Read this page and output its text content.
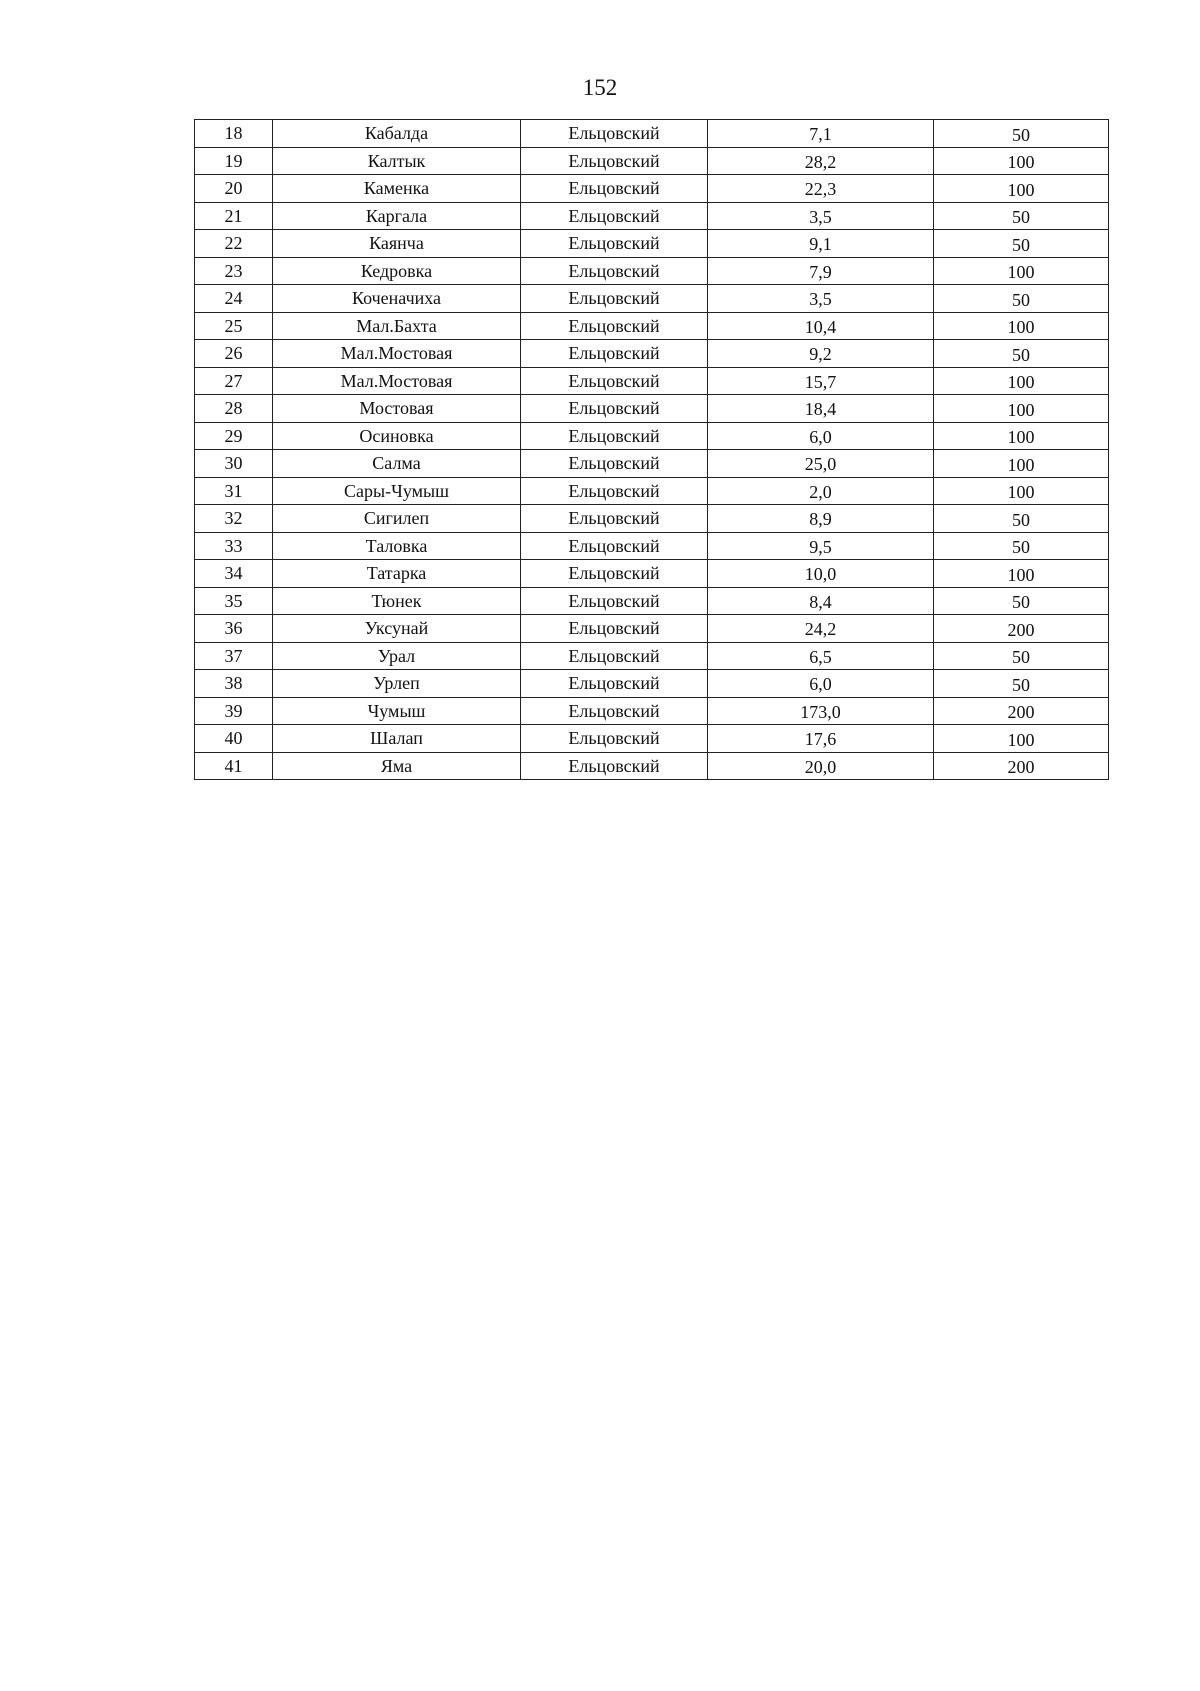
152
18	Кабалда	Ельцовский	7,1	50
19	Калтык	Ельцовский	28,2	100
20	Каменка	Ельцовский	22,3	100
21	Каргала	Ельцовский	3,5	50
22	Каянча	Ельцовский	9,1	50
23	Кедровка	Ельцовский	7,9	100
24	Коченачиха	Ельцовский	3,5	50
25	Мал.Бахта	Ельцовский	10,4	100
26	Мал.Мостовая	Ельцовский	9,2	50
27	Мал.Мостовая	Ельцовский	15,7	100
28	Мостовая	Ельцовский	18,4	100
29	Осиновка	Ельцовский	6,0	100
30	Салма	Ельцовский	25,0	100
31	Сары-Чумыш	Ельцовский	2,0	100
32	Сигилеп	Ельцовский	8,9	50
33	Таловка	Ельцовский	9,5	50
34	Татарка	Ельцовский	10,0	100
35	Тюнек	Ельцовский	8,4	50
36	Уксунай	Ельцовский	24,2	200
37	Урал	Ельцовский	6,5	50
38	Урлеп	Ельцовский	6,0	50
39	Чумыш	Ельцовский	173,0	200
40	Шалап	Ельцовский	17,6	100
41	Яма	Ельцовский	20,0	200
